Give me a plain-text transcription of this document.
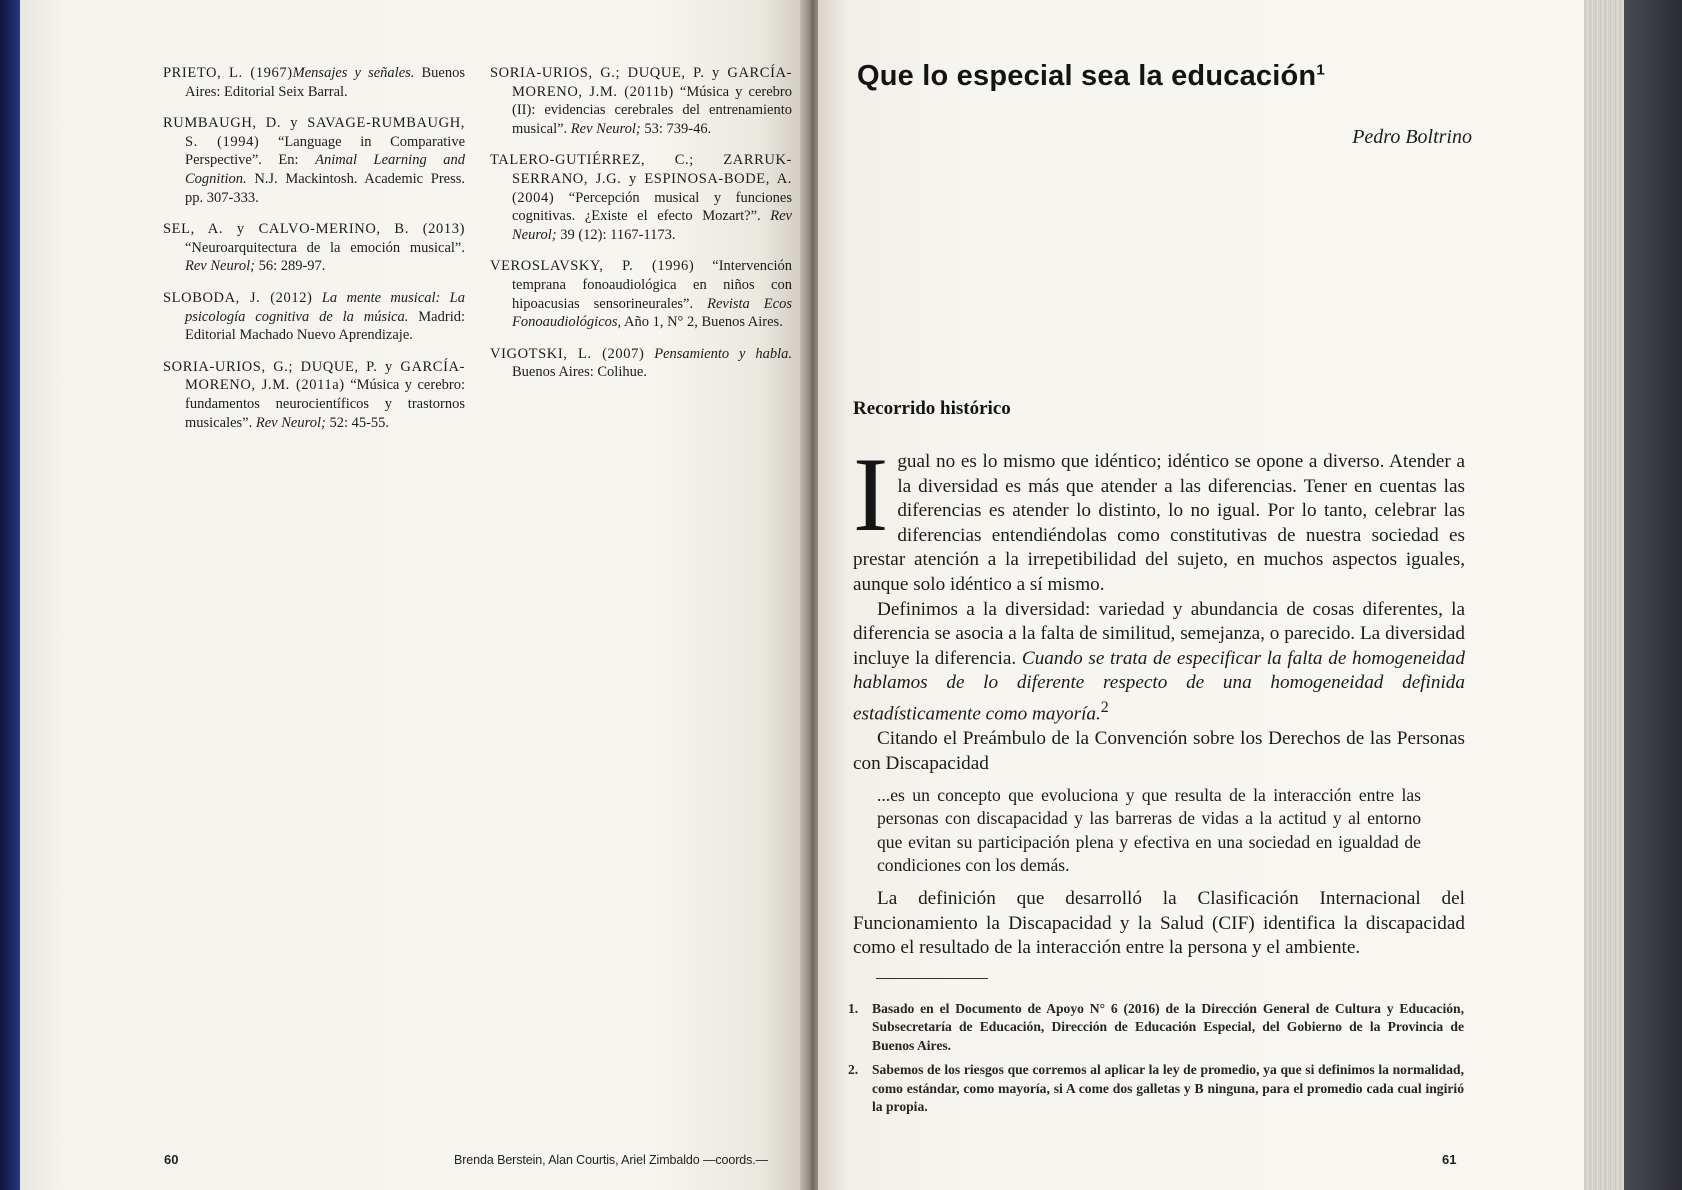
PRIETO, L. (1967)Mensajes y señales. Buenos Aires: Editorial Seix Barral.

RUMBAUGH, D. y SAVAGE-RUMBAUGH, S. (1994) “Language in Comparative Perspective”. En: Animal Learning and Cognition. N.J. Mackintosh. Academic Press. pp. 307-333.

SEL, A. y CALVO-MERINO, B. (2013) “Neuroarquitectura de la emoción musical”. Rev Neurol; 56: 289-97.

SLOBODA, J. (2012) La mente musical: La psicología cognitiva de la música. Madrid: Editorial Machado Nuevo Aprendizaje.

SORIA-URIOS, G.; DUQUE, P. y GARCÍA-MORENO, J.M. (2011a) “Música y cerebro: fundamentos neurocientíficos y trastornos musicales”. Rev Neurol; 52: 45-55.

SORIA-URIOS, G.; DUQUE, P. y GARCÍA-MORENO, J.M. (2011b) “Música y cerebro (II): evidencias cerebrales del entrenamiento musical”. Rev Neurol; 53: 739-46.

TALERO-GUTIÉRREZ, C.; ZARRUK-SERRANO, J.G. y ESPINOSA-BODE, A. (2004) “Percepción musical y funciones cognitivas. ¿Existe el efecto Mozart?”. Rev Neurol; 39 (12): 1167-1173.

VEROSLAVSKY, P. (1996) “Intervención temprana fonoaudiológica en niños con hipoacusias sensorineurales”. Revista Ecos Fonoaudiológicos, Año 1, N° 2, Buenos Aires.

VIGOTSKI, L. (2007) Pensamiento y habla. Buenos Aires: Colihue.

60	Brenda Berstein, Alan Courtis, Ariel Zimbaldo —coords.—
Que lo especial sea la educación$^1$
Pedro Boltrino
Recorrido histórico

Igual no es lo mismo que idéntico; idéntico se opone a diverso. Atender a la diversidad es más que atender a las diferencias. Tener en cuentas las diferencias es atender lo distinto, lo no igual. Por lo tanto, celebrar las diferencias entendiéndolas como constitutivas de nuestra sociedad es prestar atención a la irrepetibilidad del sujeto, en muchos aspectos iguales, aunque solo idéntico a sí mismo.

Definimos a la diversidad: variedad y abundancia de cosas diferentes, la diferencia se asocia a la falta de similitud, semejanza, o parecido. La diversidad incluye la diferencia. Cuando se trata de especificar la falta de homogeneidad hablamos de lo diferente respecto de una homogeneidad definida estadísticamente como mayoría.$^2$

Citando el Preámbulo de la Convención sobre los Derechos de las Personas con Discapacidad

...es un concepto que evoluciona y que resulta de la interacción entre las personas con discapacidad y las barreras de vidas a la actitud y al entorno que evitan su participación plena y efectiva en una sociedad en igualdad de condiciones con los demás.

La definición que desarrolló la Clasificación Internacional del Funcionamiento la Discapacidad y la Salud (CIF) identifica la discapacidad como el resultado de la interacción entre la persona y el ambiente.

1.	Basado en el Documento de Apoyo N° 6 (2016) de la Dirección General de Cultura y Educación, Subsecretaría de Educación, Dirección de Educación Especial, del Gobierno de la Provincia de Buenos Aires.
2.	Sabemos de los riesgos que corremos al aplicar la ley de promedio, ya que si definimos la normalidad, como estándar, como mayoría, si A come dos galletas y B ninguna, para el promedio cada cual ingirió la propia.
61
